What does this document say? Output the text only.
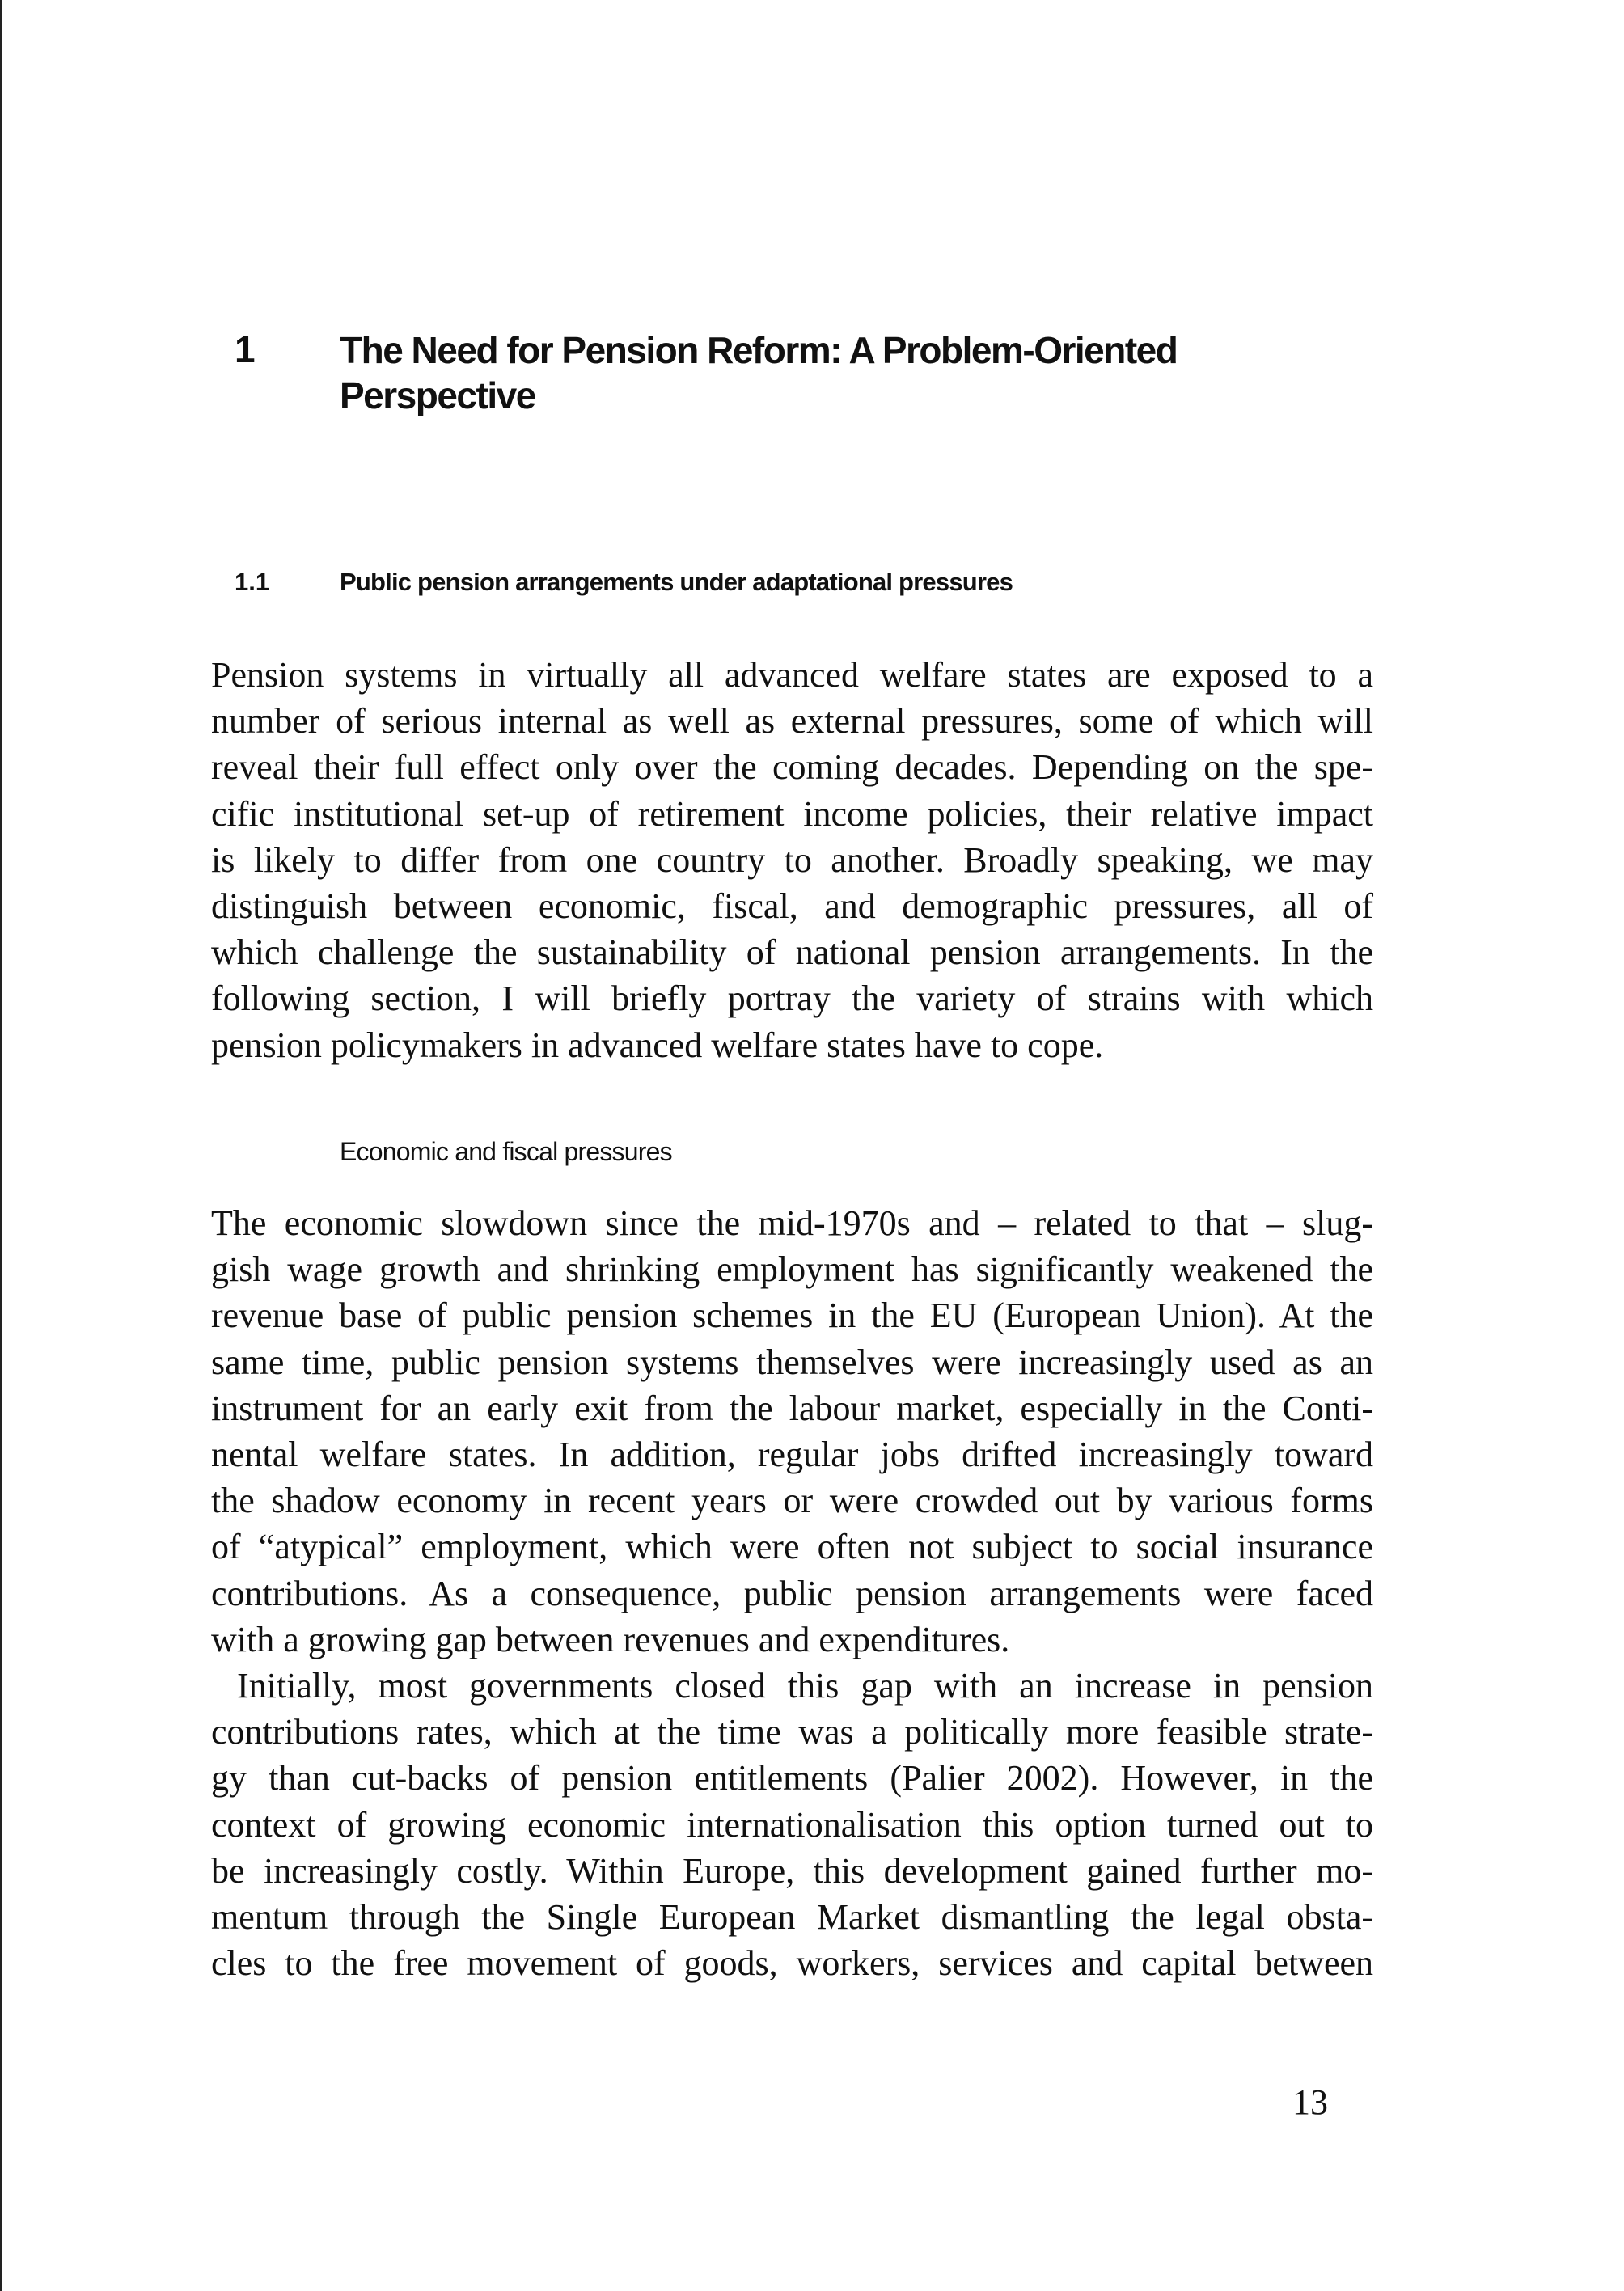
1 The Need for Pension Reform: A Problem-Oriented
Perspective
1.1	Public pension arrangements under adaptational pressures
Pension systems in virtually all advanced welfare states are exposed to a
number of serious internal as well as external pressures, some of which will
reveal their full effect only over the coming decades. Depending on the spe-
cific institutional set-up of retirement income policies, their relative impact
is likely to differ from one country to another. Broadly speaking, we may
distinguish between economic, fiscal, and demographic pressures, all of
which challenge the sustainability of national pension arrangements. In the
following section, I will briefly portray the variety of strains with which
pension policymakers in advanced welfare states have to cope.
Economic and fiscal pressures
The economic slowdown since the mid-1970s and – related to that – slug-
gish wage growth and shrinking employment has significantly weakened the
revenue base of public pension schemes in the EU (European Union). At the
same time, public pension systems themselves were increasingly used as an
instrument for an early exit from the labour market, especially in the Conti-
nental welfare states. In addition, regular jobs drifted increasingly toward
the shadow economy in recent years or were crowded out by various forms
of “atypical” employment, which were often not subject to social insurance
contributions. As a consequence, public pension arrangements were faced
with a growing gap between revenues and expenditures.
Initially, most governments closed this gap with an increase in pension
contributions rates, which at the time was a politically more feasible strate-
gy than cut-backs of pension entitlements (Palier 2002). However, in the
context of growing economic internationalisation this option turned out to
be increasingly costly. Within Europe, this development gained further mo-
mentum through the Single European Market dismantling the legal obsta-
cles to the free movement of goods, workers, services and capital between
13
